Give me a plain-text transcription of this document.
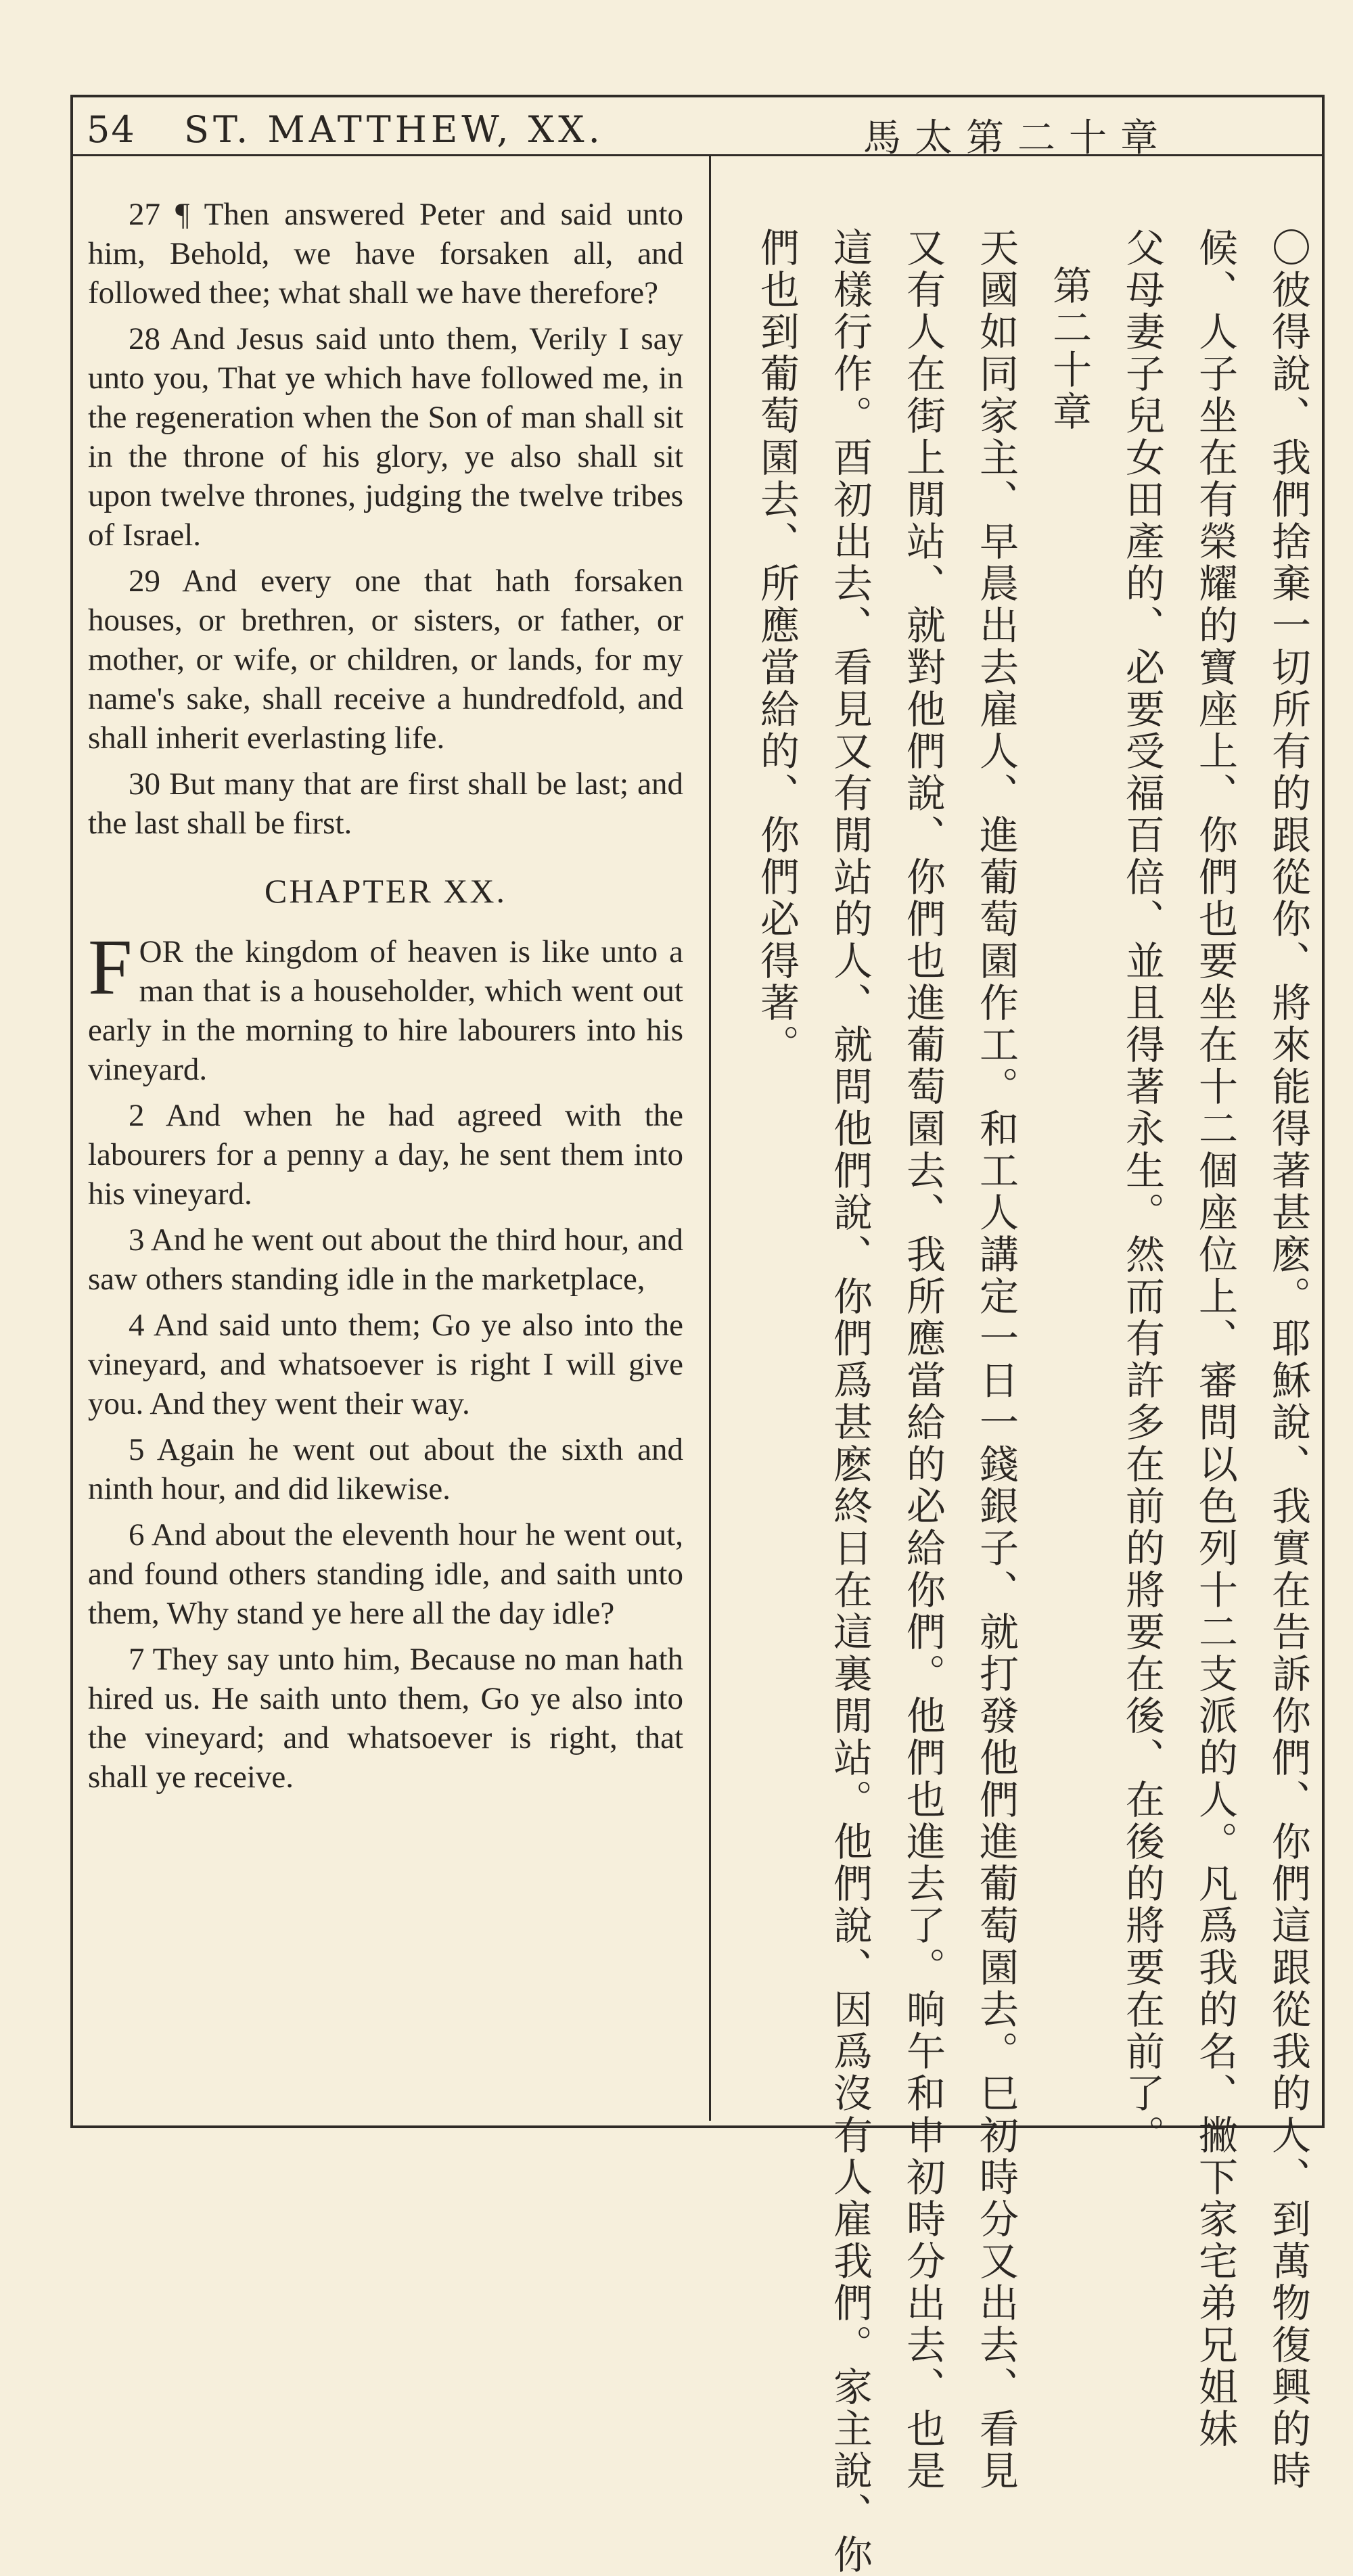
54 ST. MATTHEW, XX.	馬太第二十章

27 ¶ Then answered Peter and said unto him, Behold, we have forsaken all, and followed thee; what shall we have therefore?

28 And Jesus said unto them, Verily I say unto you, That ye which have followed me, in the regeneration when the Son of man shall sit in the throne of his glory, ye also shall sit upon twelve thrones, judging the twelve tribes of Israel.

29 And every one that hath forsaken houses, or brethren, or sisters, or father, or mother, or wife, or children, or lands, for my name's sake, shall receive a hundredfold, and shall inherit everlasting life.

30 But many that are first shall be last; and the last shall be first.

CHAPTER XX.

FOR the kingdom of heaven is like unto a man that is a householder, which went out early in the morning to hire labourers into his vineyard.

2 And when he had agreed with the labourers for a penny a day, he sent them into his vineyard.

3 And he went out about the third hour, and saw others standing idle in the marketplace,

4 And said unto them; Go ye also into the vineyard, and whatsoever is right I will give you. And they went their way.

5 Again he went out about the sixth and ninth hour, and did likewise.

6 And about the eleventh hour he went out, and found others standing idle, and saith unto them, Why stand ye here all the day idle?

7 They say unto him, Because no man hath hired us. He saith unto them, Go ye also into the vineyard; and whatsoever is right, that shall ye receive.	〇彼得說、我們捨棄一切所有的跟從你、將來能得著甚麽。耶穌說、我實在告訴你們、你們這跟從我的人、到萬物復興的時
候、人子坐在有榮耀的寶座上、你們也要坐在十二個座位上、審問以色列十二支派的人。凡爲我的名、撇下家宅弟兄姐妹
父母妻子兒女田產的、必要受福百倍、並且得著永生。然而有許多在前的將要在後、在後的將要在前了。
第二十章
天國如同家主、早晨出去雇人、進葡萄園作工。和工人講定一日一錢銀子、就打發他們進葡萄園去。巳初時分又出去、看見
又有人在街上閒站、就對他們說、你們也進葡萄園去、我所應當給的必給你們。他們也進去了。晌午和申初時分出去、也是
這樣行作。酉初出去、看見又有閒站的人、就問他們說、你們爲甚麽終日在這裏閒站。他們說、因爲沒有人雇我們。家主說、你
們也到葡萄園去、所應當給的、你們必得著。
